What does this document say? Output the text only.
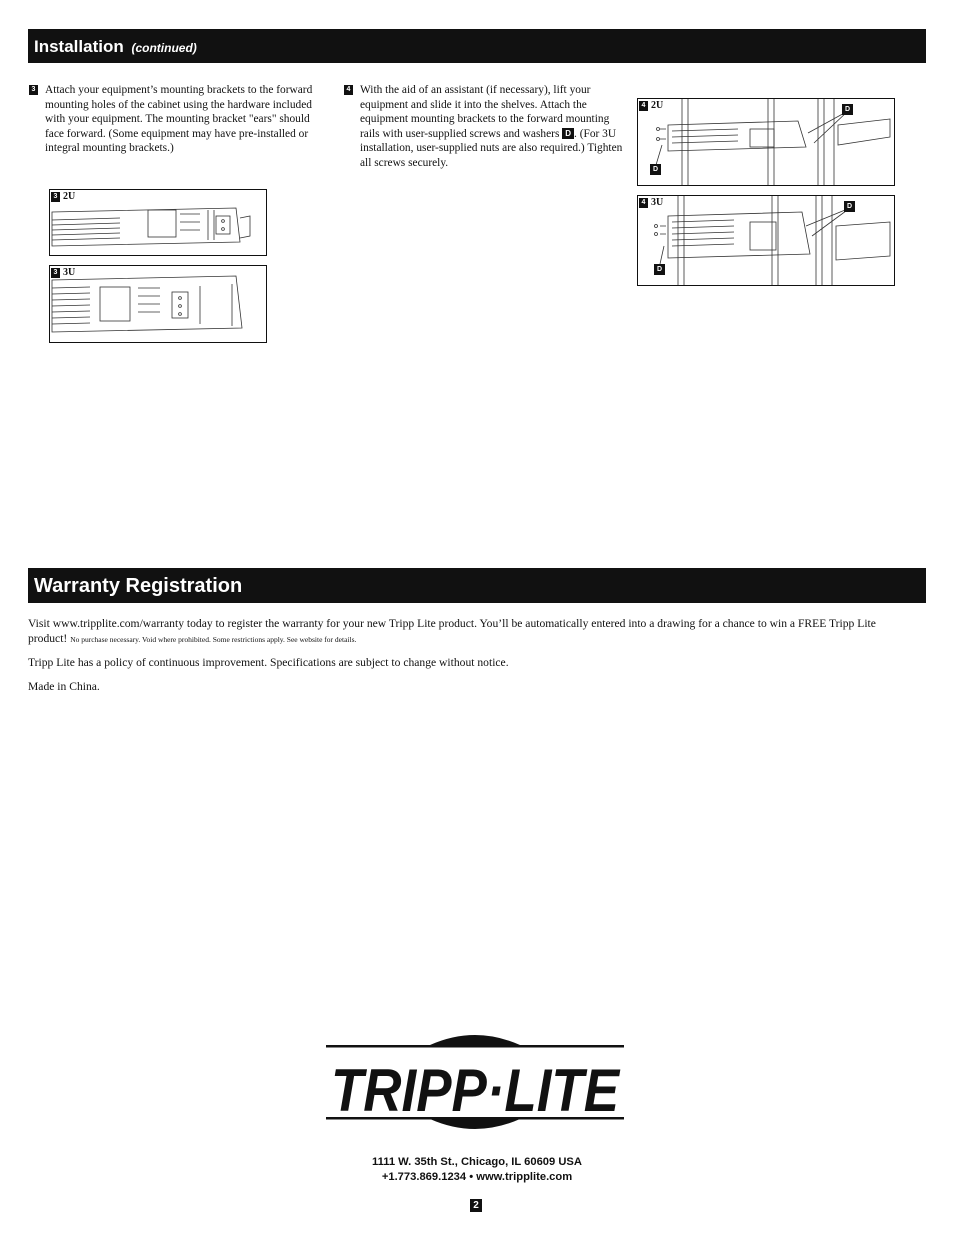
Installation (continued)
3 Attach your equipment’s mounting brackets to the forward mounting holes of the cabinet using the hardware included with your equipment. The mounting bracket "ears" should face forward. (Some equipment may have pre-installed or integral mounting brackets.)
4 With the aid of an assistant (if necessary), lift your equipment and slide it into the shelves. Attach the equipment mounting brackets to the forward mounting rails with user-supplied screws and washers D . (For 3U installation, user-supplied nuts are also required.) Tighten all screws securely.
3 2U
3 3U
4 2U	D
D
4 3U	D
D
Warranty Registration
Visit www.tripplite.com/warranty today to register the warranty for your new Tripp Lite product. You’ll be automatically entered into a drawing for a chance to win a FREE Tripp Lite product! No purchase necessary. Void where prohibited. Some restrictions apply. See website for details.
Tripp Lite has a policy of continuous improvement. Specifications are subject to change without notice.
Made in China.
TRIPP·LITE
1111 W. 35th St., Chicago, IL 60609 USA
+1.773.869.1234 • www.tripplite.com
2
